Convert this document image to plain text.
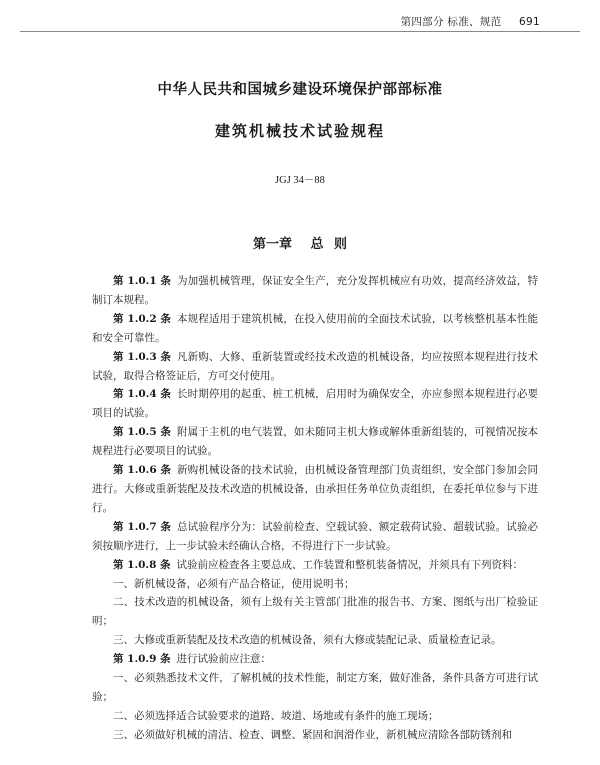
第四部分 标准、规范 691
中华人民共和国城乡建设环境保护部部标准
建筑机械技术试验规程
JGJ 34－88
第一章 总 则

第 1.0.1 条 为加强机械管理，保证安全生产，充分发挥机械应有功效，提高经济效益，特制订本规程。

第 1.0.2 条 本规程适用于建筑机械，在投入使用前的全面技术试验，以考核整机基本性能和安全可靠性。

第 1.0.3 条 凡新购、大修、重新装置或经技术改造的机械设备，均应按照本规程进行技术试验，取得合格签证后，方可交付使用。

第 1.0.4 条 长时期停用的起重、桩工机械，启用时为确保安全，亦应参照本规程进行必要项目的试验。

第 1.0.5 条 附属于主机的电气装置，如未随同主机大修或解体重新组装的，可视情况按本规程进行必要项目的试验。

第 1.0.6 条 新购机械设备的技术试验，由机械设备管理部门负责组织，安全部门参加会同进行。大修或重新装配及技术改造的机械设备，由承担任务单位负责组织，在委托单位参与下进行。

第 1.0.7 条 总试验程序分为：试验前检查、空载试验、额定载荷试验、超载试验。试验必须按顺序进行，上一步试验未经确认合格，不得进行下一步试验。

第 1.0.8 条 试验前应检查各主要总成、工作装置和整机装备情况，并须具有下列资料：

一、新机械设备，必须有产品合格证，使用说明书；

二、技术改造的机械设备，须有上级有关主管部门批准的报告书、方案、图纸与出厂检验证明；

三、大修或重新装配及技术改造的机械设备，须有大修或装配记录、质量检查记录。

第 1.0.9 条 进行试验前应注意：

一、必须熟悉技术文件，了解机械的技术性能，制定方案，做好准备，条件具备方可进行试验；

二、必须选择适合试验要求的道路、坡道、场地或有条件的施工现场；

三、必须做好机械的清洁、检查、调整、紧固和润滑作业，新机械应清除各部防锈剂和
